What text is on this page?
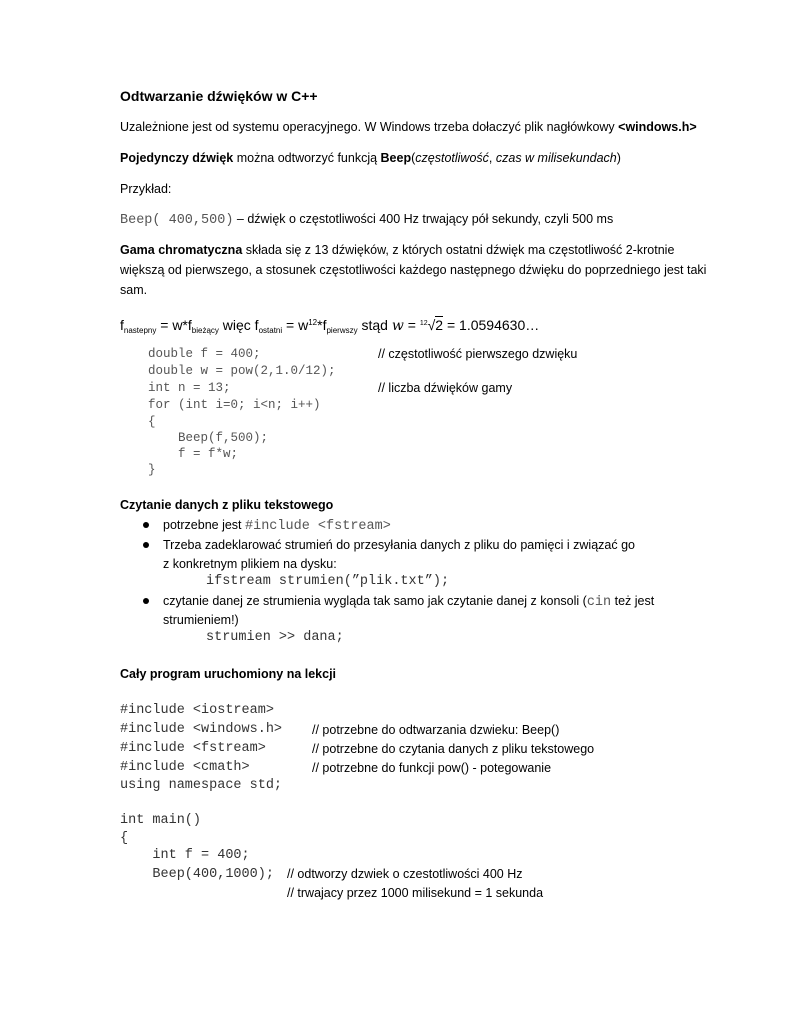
Odtwarzanie dźwięków w C++
Uzależnione jest od systemu operacyjnego. W Windows trzeba dołaczyć plik nagłówkowy <windows.h>
Pojedynczy dźwięk można odtworzyć funkcją Beep(częstotliwość, czas w milisekundach)
Przykład:
Beep( 400,500) – dźwięk o częstotliwości 400 Hz trwający pół sekundy, czyli 500 ms
Gama chromatyczna składa się z 13 dźwięków, z których ostatni dźwięk ma częstotliwość 2-krotnie
większą od pierwszego, a stosunek częstotliwości każdego następnego dźwięku do poprzedniego jest taki
sam.
$f_{nastepny} = w*f_{bieżący}$ więc $f_{ostatni} = w^{12}*f_{pierwszy}$ stąd w = $^{12}$√2 = 1.0594630…
double f = 400;
double w = pow(2,1.0/12);
int n = 13;
for (int i=0; i<n; i++)
{
Beep(f,500);
f = f*w;
}
// częstotliwość pierwszego dzwięku
// liczba dźwięków gamy
Czytanie danych z pliku tekstowego
potrzebne jest #include <fstream>
Trzeba zadeklarować strumień do przesyłania danych z pliku do pamięci i związać go
z konkretnym plikiem na dysku:
ifstream strumien(”plik.txt”);
czytanie danej ze strumienia wygląda tak samo jak czytanie danej z konsoli (cin też jest
strumieniem!)
strumien >> dana;
Cały program uruchomiony na lekcji
#include <iostream>
#include <windows.h> // potrzebne do odtwarzania dzwieku: Beep()
#include <fstream>	// potrzebne do czytania danych z pliku tekstowego
#include <cmath>	// potrzebne do funkcji pow() - potegowanie
using namespace std;
int main()
{
int f = 400;
Beep(400,1000); // odtworzy dzwiek o czestotliwości 400 Hz
// trwajacy przez 1000 milisekund = 1 sekunda
